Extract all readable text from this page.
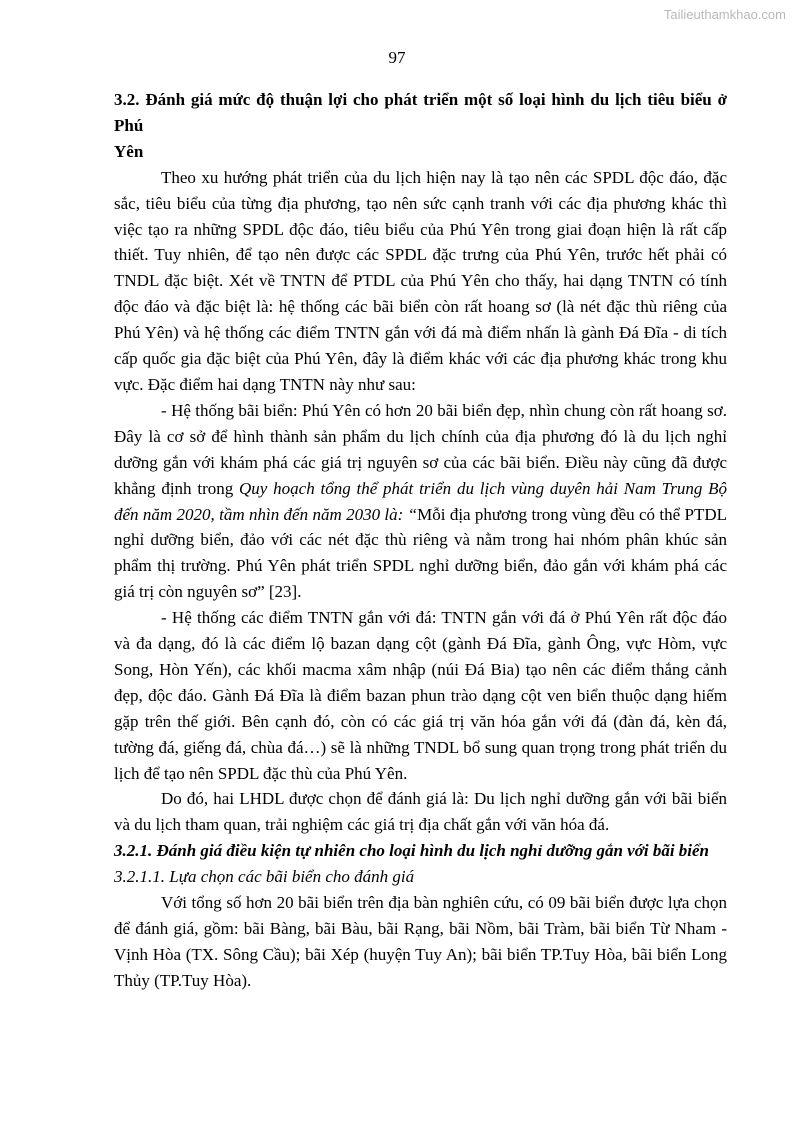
Tailieuthamkhao.com
97

3.2. Đánh giá mức độ thuận lợi cho phát triển một số loại hình du lịch tiêu biểu ở Phú

Yên

Theo xu hướng phát triển của du lịch hiện nay là tạo nên các SPDL độc đáo, đặc sắc, tiêu biểu của từng địa phương, tạo nên sức cạnh tranh với các địa phương khác thì việc tạo ra những SPDL độc đáo, tiêu biểu của Phú Yên trong giai đoạn hiện là rất cấp thiết. Tuy nhiên, để tạo nên được các SPDL đặc trưng của Phú Yên, trước hết phải có TNDL đặc biệt. Xét về TNTN để PTDL của Phú Yên cho thấy, hai dạng TNTN có tính độc đáo và đặc biệt là: hệ thống các bãi biển còn rất hoang sơ (là nét đặc thù riêng của Phú Yên) và hệ thống các điểm TNTN gắn với đá mà điểm nhấn là gành Đá Đĩa - di tích cấp quốc gia đặc biệt của Phú Yên, đây là điểm khác với các địa phương khác trong khu vực. Đặc điểm hai dạng TNTN này như sau:

- Hệ thống bãi biển: Phú Yên có hơn 20 bãi biển đẹp, nhìn chung còn rất hoang sơ. Đây là cơ sở để hình thành sản phẩm du lịch chính của địa phương đó là du lịch nghỉ dưỡng gắn với khám phá các giá trị nguyên sơ của các bãi biển. Điều này cũng đã được khẳng định trong Quy hoạch tổng thể phát triển du lịch vùng duyên hải Nam Trung Bộ đến năm 2020, tầm nhìn đến năm 2030 là: “Mỗi địa phương trong vùng đều có thể PTDL nghỉ dưỡng biển, đảo với các nét đặc thù riêng và nằm trong hai nhóm phân khúc sản phẩm thị trường. Phú Yên phát triển SPDL nghỉ dưỡng biển, đảo gắn với khám phá các giá trị còn nguyên sơ” [23].

- Hệ thống các điểm TNTN gắn với đá: TNTN gắn với đá ở Phú Yên rất độc đáo và đa dạng, đó là các điểm lộ bazan dạng cột (gành Đá Đĩa, gành Ông, vực Hòm, vực Song, Hòn Yến), các khối macma xâm nhập (núi Đá Bia) tạo nên các điểm thắng cảnh đẹp, độc đáo. Gành Đá Đĩa là điểm bazan phun trào dạng cột ven biển thuộc dạng hiếm gặp trên thế giới. Bên cạnh đó, còn có các giá trị văn hóa gắn với đá (đàn đá, kèn đá, tường đá, giếng đá, chùa đá…) sẽ là những TNDL bổ sung quan trọng trong phát triển du lịch để tạo nên SPDL đặc thù của Phú Yên.

Do đó, hai LHDL được chọn để đánh giá là: Du lịch nghỉ dưỡng gắn với bãi biển và du lịch tham quan, trải nghiệm các giá trị địa chất gắn với văn hóa đá.

3.2.1. Đánh giá điều kiện tự nhiên cho loại hình du lịch nghỉ dưỡng gắn với bãi biển

3.2.1.1. Lựa chọn các bãi biển cho đánh giá

Với tổng số hơn 20 bãi biển trên địa bàn nghiên cứu, có 09 bãi biển được lựa chọn để đánh giá, gồm: bãi Bàng, bãi Bàu, bãi Rạng, bãi Nồm, bãi Tràm, bãi biển Từ Nham - Vịnh Hòa (TX. Sông Cầu); bãi Xép (huyện Tuy An); bãi biển TP.Tuy Hòa, bãi biển Long Thủy (TP.Tuy Hòa).
